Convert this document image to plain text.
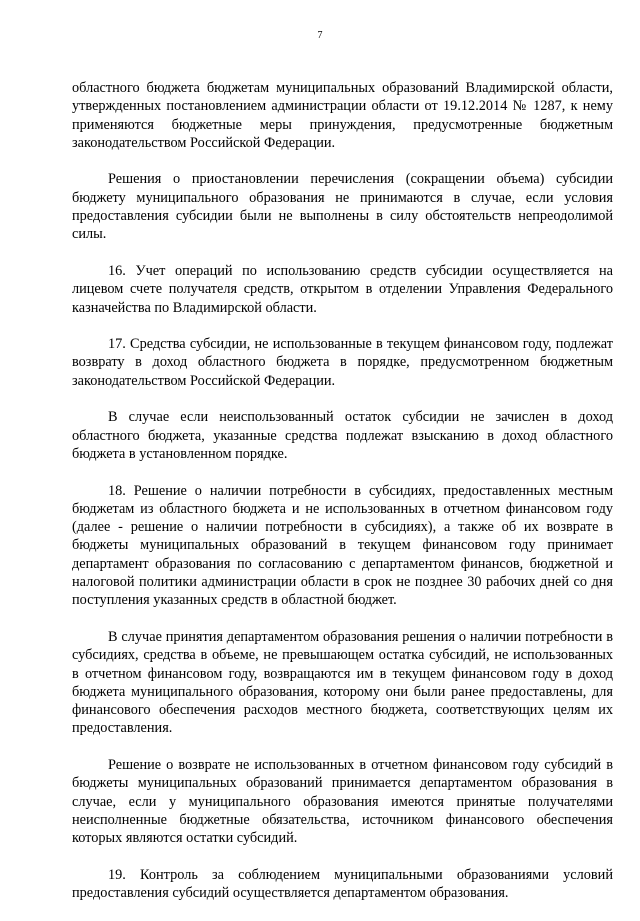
7

областного бюджета бюджетам муниципальных образований Владимирской области, утвержденных постановлением администрации области от 19.12.2014 № 1287, к нему применяются бюджетные меры принуждения, предусмотренные бюджетным законодательством Российской Федерации.

Решения о приостановлении перечисления (сокращении объема) субсидии бюджету муниципального образования не принимаются в случае, если условия предоставления субсидии были не выполнены в силу обстоятельств непреодолимой силы.

16. Учет операций по использованию средств субсидии осуществляется на лицевом счете получателя средств, открытом в отделении Управления Федерального казначейства по Владимирской области.

17. Средства субсидии, не использованные в текущем финансовом году, подлежат возврату в доход областного бюджета в порядке, предусмотренном бюджетным законодательством Российской Федерации.

В случае если неиспользованный остаток субсидии не зачислен в доход областного бюджета, указанные средства подлежат взысканию в доход областного бюджета в установленном порядке.

18. Решение о наличии потребности в субсидиях, предоставленных местным бюджетам из областного бюджета и не использованных в отчетном финансовом году (далее - решение о наличии потребности в субсидиях), а также об их возврате в бюджеты муниципальных образований в текущем финансовом году принимает департамент образования по согласованию с департаментом финансов, бюджетной и налоговой политики администрации области в срок не позднее 30 рабочих дней со дня поступления указанных средств в областной бюджет.

В случае принятия департаментом образования решения о наличии потребности в субсидиях, средства в объеме, не превышающем остатка субсидий, не использованных в отчетном финансовом году, возвращаются им в текущем финансовом году в доход бюджета муниципального образования, которому они были ранее предоставлены, для финансового обеспечения расходов местного бюджета, соответствующих целям их предоставления.

Решение о возврате не использованных в отчетном финансовом году субсидий в бюджеты муниципальных образований принимается департаментом образования в случае, если у муниципального образования имеются принятые получателями неисполненные бюджетные обязательства, источником финансового обеспечения которых являются остатки субсидий.

19. Контроль за соблюдением муниципальными образованиями условий предоставления субсидий осуществляется департаментом образования.
